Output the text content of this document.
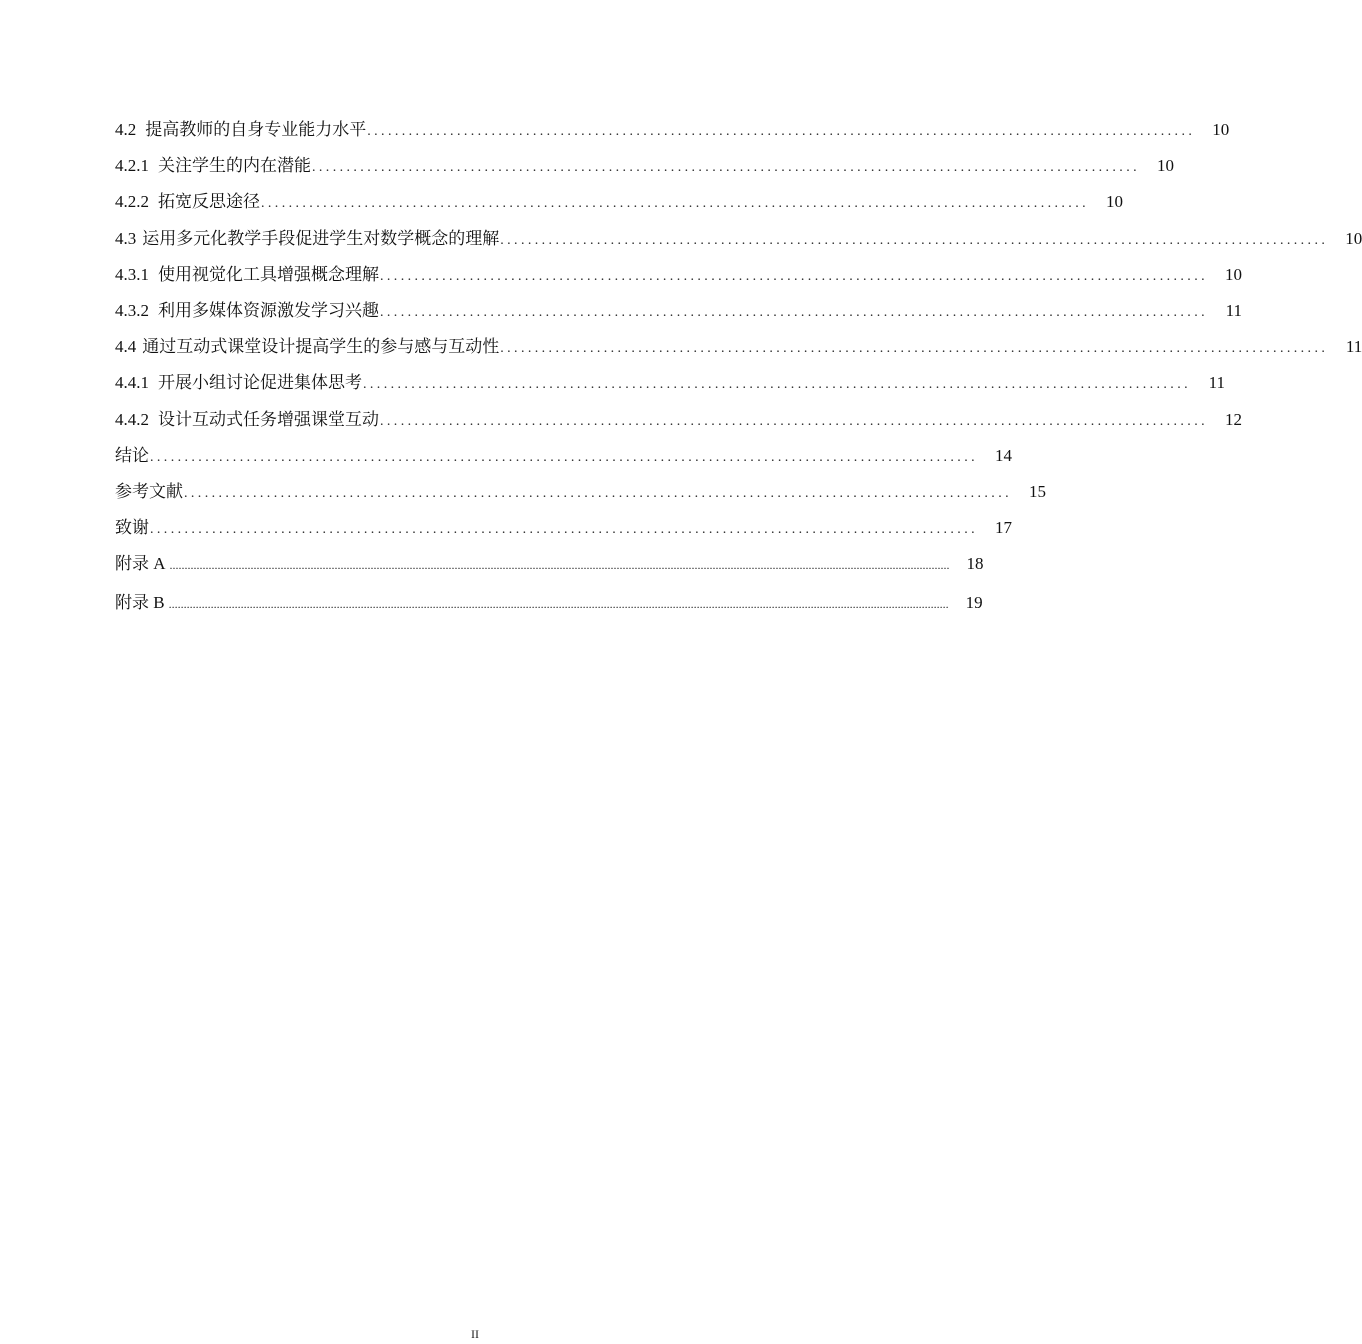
4.2 提高教师的自身专业能力水平 ........................................................................................................................	10
4.2.1 关注学生的内在潜能 ........................................................................................................................	10
4.2.2 拓宽反思途径 ........................................................................................................................	10
4.3 运用多元化教学手段促进学生对数学概念的理解 ........................................................................................................................	10
4.3.1 使用视觉化工具增强概念理解 ........................................................................................................................	10
4.3.2 利用多媒体资源激发学习兴趣 ........................................................................................................................	11
4.4 通过互动式课堂设计提高学生的参与感与互动性 ........................................................................................................................	11
4.4.1 开展小组讨论促进集体思考 ........................................................................................................................	11
4.4.2 设计互动式任务增强课堂互动 ........................................................................................................................	12
结论 ........................................................................................................................	14
参考文献 ........................................................................................................................	15
致谢 ........................................................................................................................	17
附录 A ....................................................................................................................................................................................................................................................................	18
附录 B ....................................................................................................................................................................................................................................................................	19
II
